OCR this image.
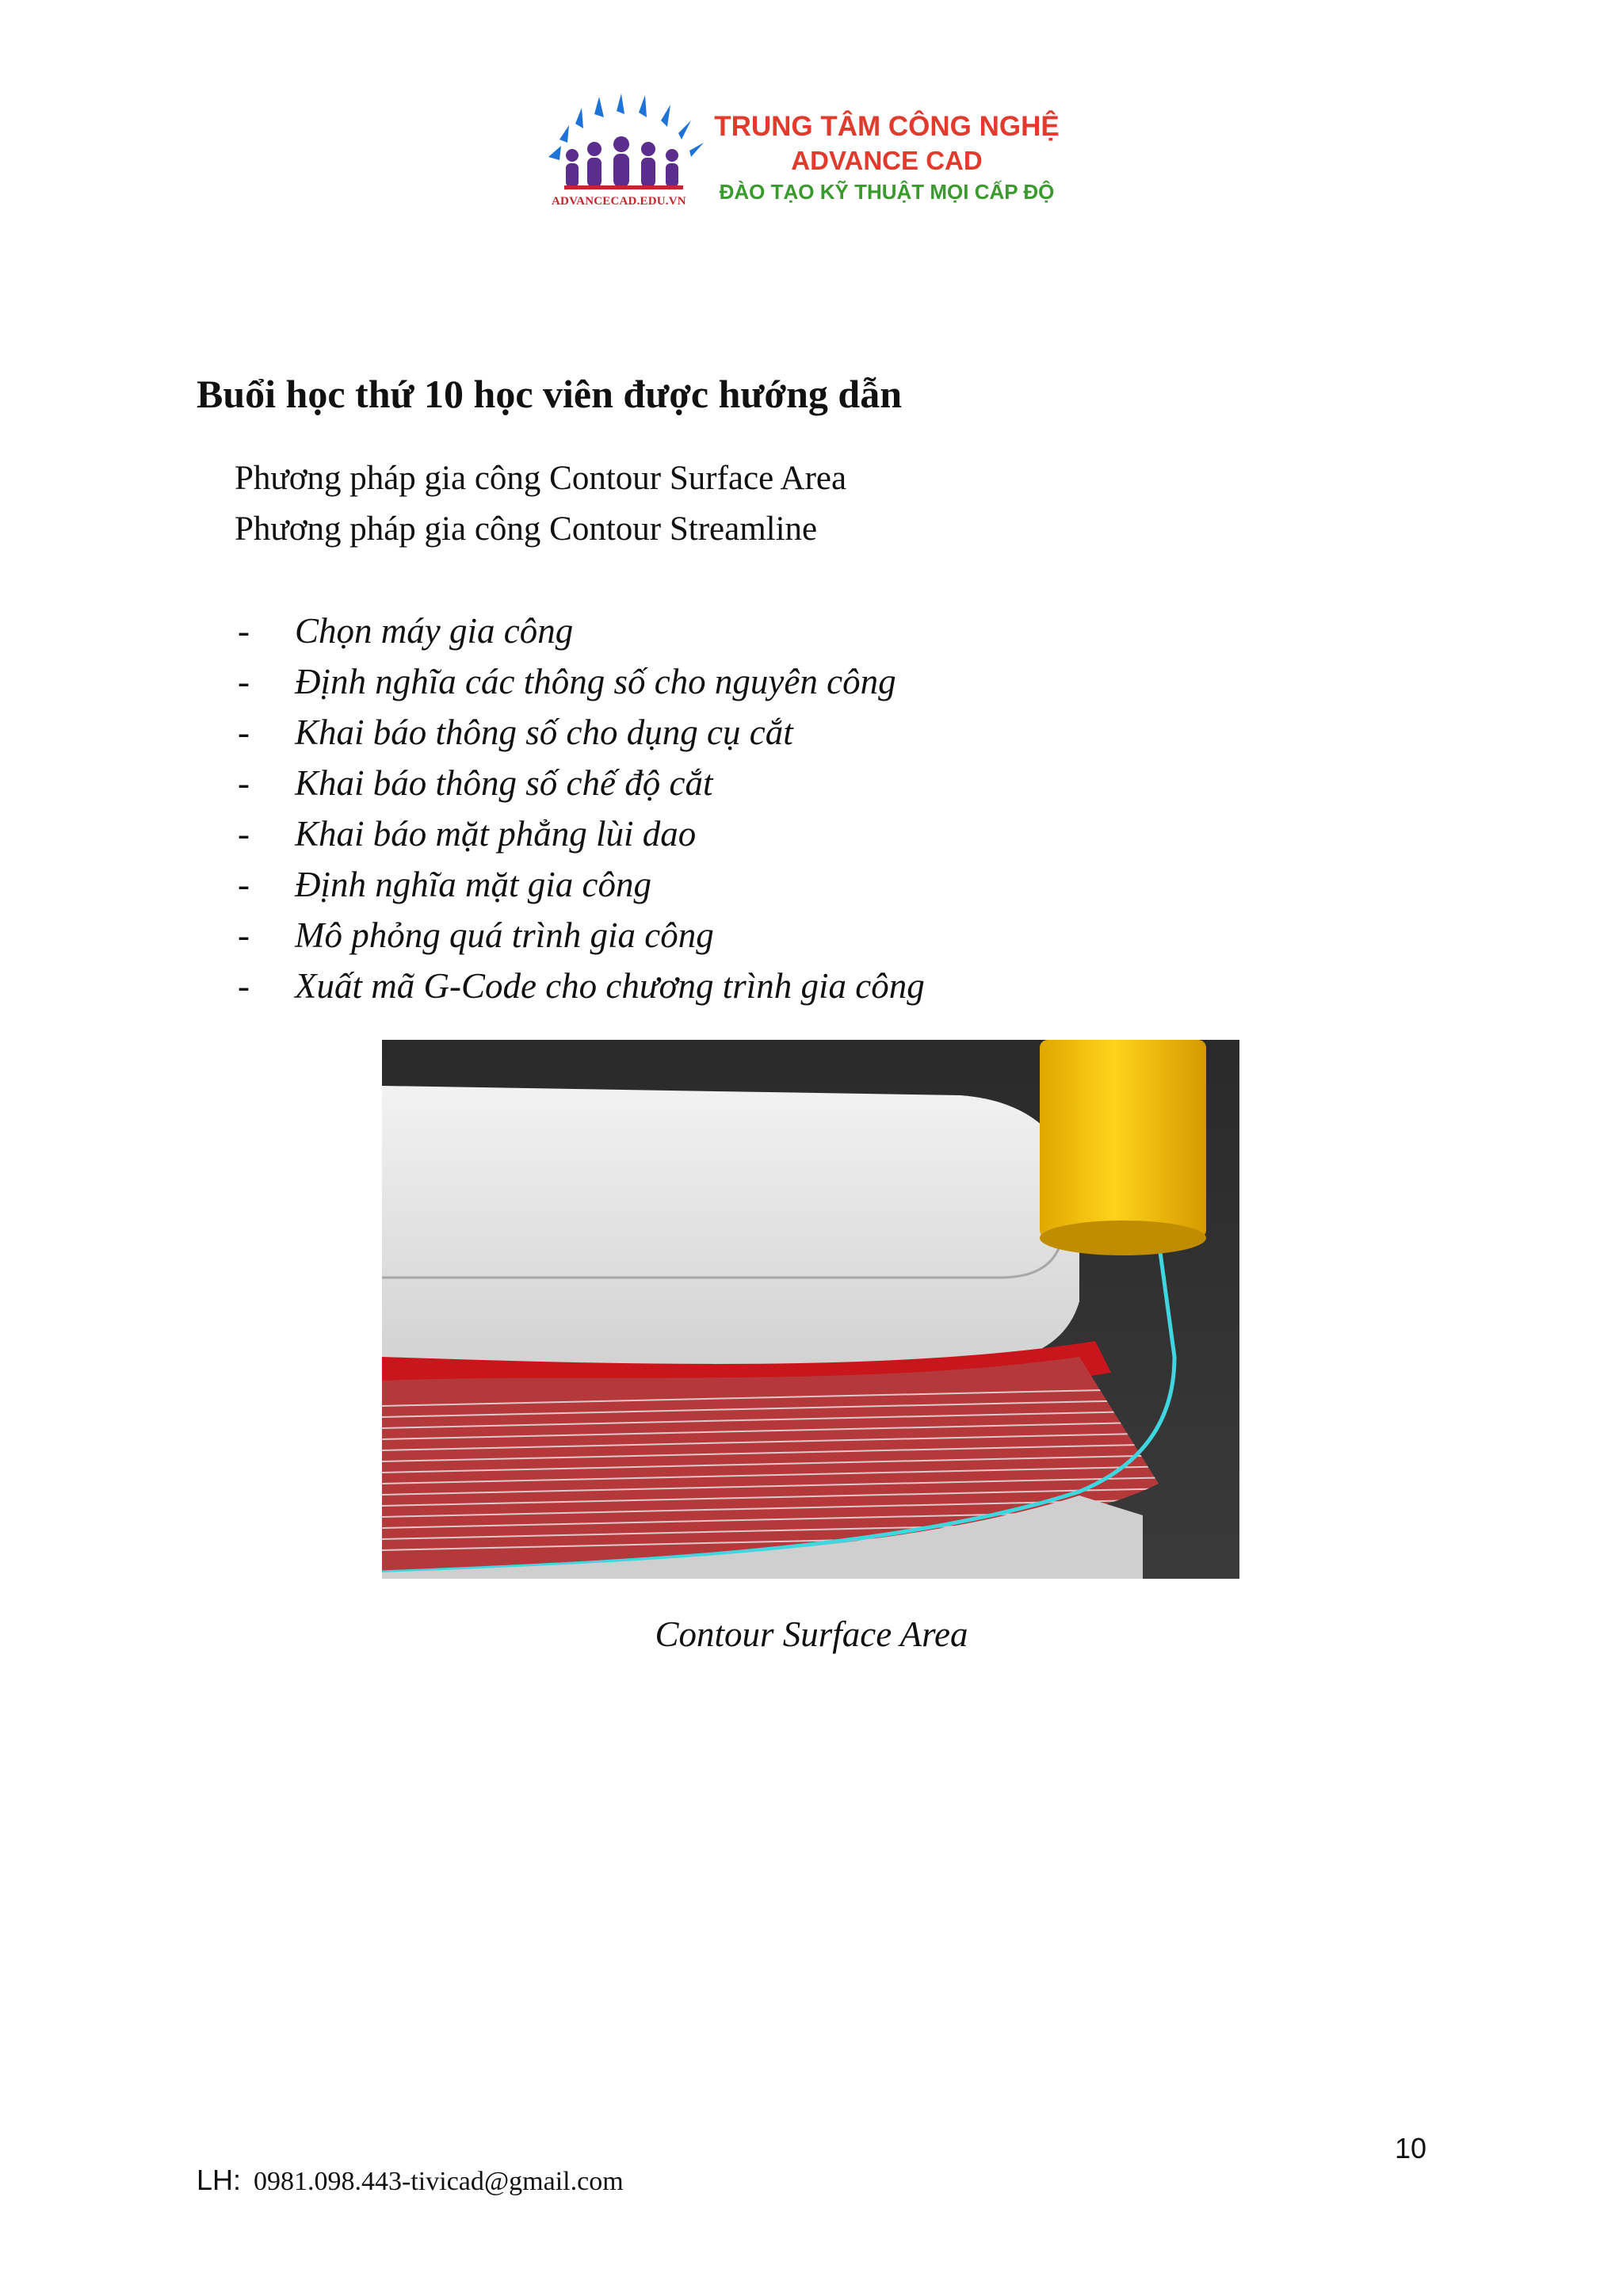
ADVANCECAD.EDU.VN
TRUNG TÂM CÔNG NGHỆ
ADVANCE CAD
ĐÀO TẠO KỸ THUẬT MỌI CẤP ĐỘ
Buổi học thứ 10 học viên được hướng dẫn
Phương pháp gia công Contour Surface Area
Phương pháp gia công Contour Streamline
- Chọn máy gia công
- Định nghĩa các thông số cho nguyên công
- Khai báo thông số cho dụng cụ cắt
- Khai báo thông số chế độ cắt
- Khai báo mặt phẳng lùi dao
- Định nghĩa mặt gia công
- Mô phỏng quá trình gia công
- Xuất mã G-Code cho chương trình gia công
Contour Surface Area
10
LH: 0981.098.443-tivicad@gmail.com
